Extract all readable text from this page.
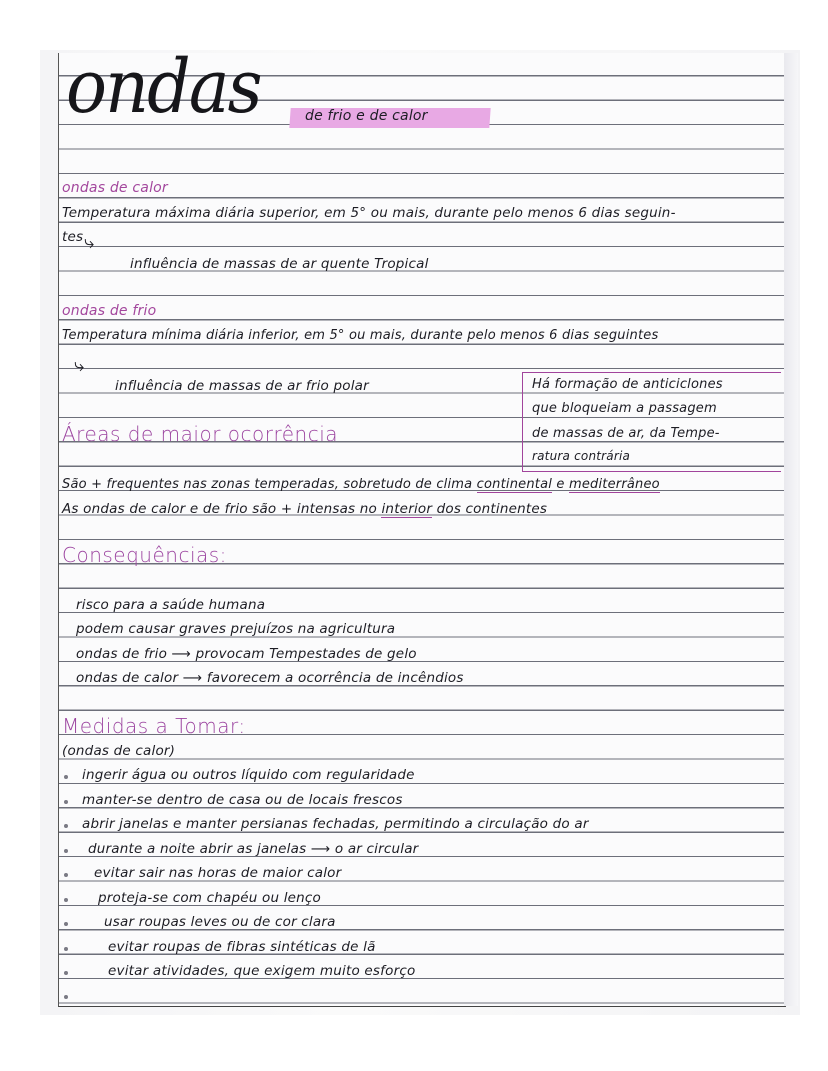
ondas	de frio e de calor
ondas de calor
Temperatura máxima diária superior, em 5° ou mais, durante pelo menos 6 dias seguin-
tes ⤷
influência de massas de ar quente Tropical
ondas de frio
Temperatura mínima diária inferior, em 5° ou mais, durante pelo menos 6 dias seguintes
⤷
influência de massas de ar frio polar	Há formação de anticiclones
que bloqueiam a passagem
de massas de ar, da Tempe-
ratura contrária
Áreas de maior ocorrência
São + frequentes nas zonas temperadas, sobretudo de clima continental e mediterrâneo
As ondas de calor e de frio são + intensas no interior dos continentes
Consequências:
risco para a saúde humana
podem causar graves prejuízos na agricultura
ondas de frio ⟶ provocam Tempestades de gelo
ondas de calor ⟶ favorecem a ocorrência de incêndios
Medidas a Tomar:
(ondas de calor)
ingerir água ou outros líquido com regularidade
manter-se dentro de casa ou de locais frescos
abrir janelas e manter persianas fechadas, permitindo a circulação do ar
durante a noite abrir as janelas ⟶ o ar circular
evitar sair nas horas de maior calor
proteja-se com chapéu ou lenço
usar roupas leves ou de cor clara
evitar roupas de fibras sintéticas de lã
evitar atividades, que exigem muito esforço
